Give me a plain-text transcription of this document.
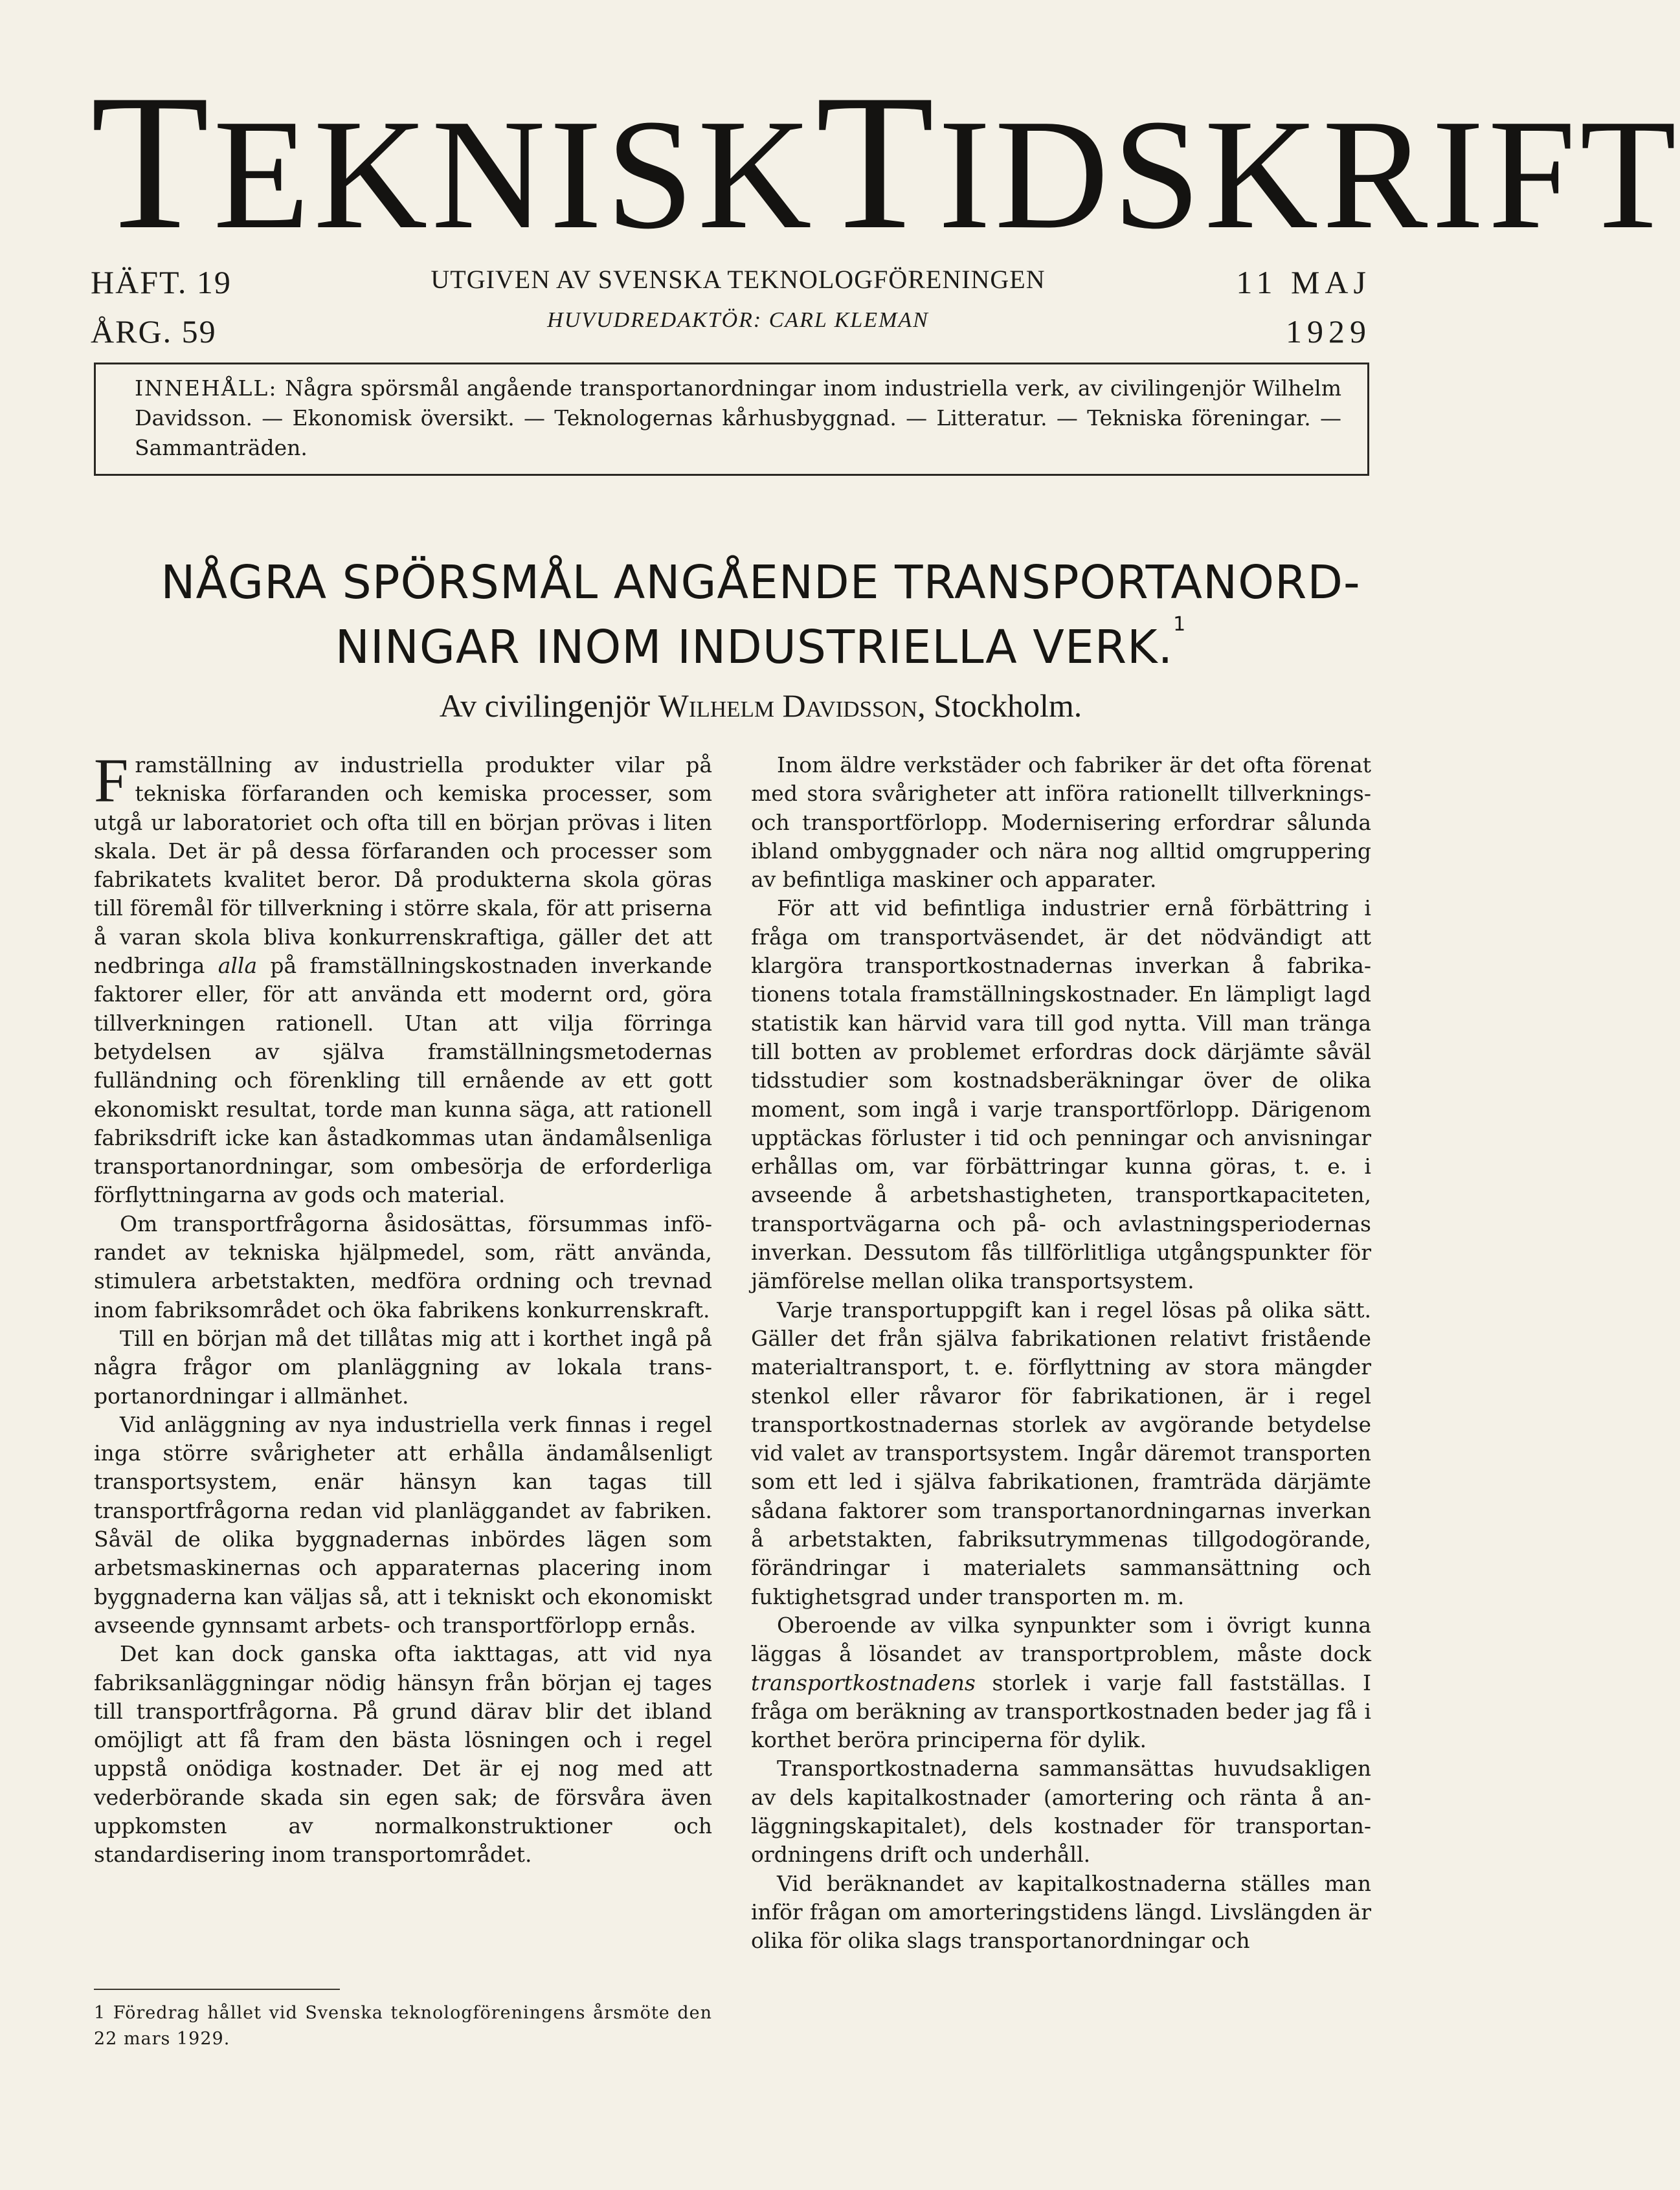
TEKNISKTIDSKRIFT
HÄFT. 19
ÅRG. 59
UTGIVEN AV SVENSKA TEKNOLOGFÖRENINGEN
HUVUDREDAKTÖR: CARL KLEMAN
11 MAJ
1929
INNEHÅLL: Några spörsmål angående transportanordningar inom industriella verk, av civilingenjör Wilhelm Davidsson. — Ekonomisk översikt. — Teknologernas kårhusbyggnad. — Litteratur. — Tekniska föreningar. — Sammanträden.
NÅGRA SPÖRSMÅL ANGÅENDE TRANSPORTANORD-
NINGAR INOM INDUSTRIELLA VERK.$^1$
Av civilingenjör Wilhelm Davidsson, Stockholm.

Framställning av industriella produkter vilar på tekniska förfaranden och kemiska processer, som utgå ur laboratoriet och ofta till en början prövas i liten skala. Det är på dessa förfaranden och processer som fabrikatets kvalitet beror. Då produkterna skola göras till föremål för tillverkning i större skala, för att priserna å varan skola bliva konkurrenskraftiga, gäller det att nedbringa alla på framställningskostnaden inverkande faktorer eller, för att använda ett modernt ord, göra tillverkningen rationell. Utan att vilja förringa betydelsen av själva framställningsmetodernas fulländning och förenkling till ernående av ett gott ekonomiskt resultat, torde man kunna säga, att rationell fabriksdrift icke kan åstadkommas utan ändamålsenliga transportanordningar, som ombesörja de erforderliga förflyttningarna av gods och material.

Om transportfrågorna åsidosättas, försummas införandet av tekniska hjälpmedel, som, rätt använda, stimulera arbetstakten, medföra ordning och trevnad inom fabriksområdet och öka fabrikens konkurrenskraft.

Till en början må det tillåtas mig att i korthet ingå på några frågor om planläggning av lokala transportanordningar i allmänhet.

Vid anläggning av nya industriella verk finnas i regel inga större svårigheter att erhålla ändamålsenligt transportsystem, enär hänsyn kan tagas till transportfrågorna redan vid planläggandet av fabriken. Såväl de olika byggnadernas inbördes lägen som arbetsmaskinernas och apparaternas placering inom byggnaderna kan väljas så, att i tekniskt och ekonomiskt avseende gynnsamt arbets- och transportförlopp ernås.

Det kan dock ganska ofta iakttagas, att vid nya fabriksanläggningar nödig hänsyn från början ej tages till transportfrågorna. På grund därav blir det ibland omöjligt att få fram den bästa lösningen och i regel uppstå onödiga kostnader. Det är ej nog med att vederbörande skada sin egen sak; de försvåra även uppkomsten av normalkonstruktioner och standardisering inom transportområdet.

1 Föredrag hållet vid Svenska teknologföreningens årsmöte den 22 mars 1929.

Inom äldre verkstäder och fabriker är det ofta förenat med stora svårigheter att införa rationellt tillverknings- och transportförlopp. Modernisering erfordrar sålunda ibland ombyggnader och nära nog alltid omgruppering av befintliga maskiner och apparater.

För att vid befintliga industrier ernå förbättring i fråga om transportväsendet, är det nödvändigt att klargöra transportkostnadernas inverkan å fabrikationens totala framställningskostnader. En lämpligt lagd statistik kan härvid vara till god nytta. Vill man tränga till botten av problemet erfordras dock därjämte såväl tidsstudier som kostnadsberäkningar över de olika moment, som ingå i varje transportförlopp. Därigenom upptäckas förluster i tid och penningar och anvisningar erhållas om, var förbättringar kunna göras, t. e. i avseende å arbetshastigheten, transportkapaciteten, transportvägarna och på- och avlastningsperiodernas inverkan. Dessutom fås tillförlitliga utgångspunkter för jämförelse mellan olika transportsystem.

Varje transportuppgift kan i regel lösas på olika sätt. Gäller det från själva fabrikationen relativt fristående materialtransport, t. e. förflyttning av stora mängder stenkol eller råvaror för fabrikationen, är i regel transportkostnadernas storlek av avgörande betydelse vid valet av transportsystem. Ingår däremot transporten som ett led i själva fabrikationen, framträda därjämte sådana faktorer som transportanordningarnas inverkan å arbetstakten, fabriksutrymmenas tillgodogörande, förändringar i materialets sammansättning och fuktighetsgrad under transporten m. m.

Oberoende av vilka synpunkter som i övrigt kunna läggas å lösandet av transportproblem, måste dock transportkostnadens storlek i varje fall fastställas. I fråga om beräkning av transportkostnaden beder jag få i korthet beröra principerna för dylik.

Transportkostnaderna sammansättas huvudsakligen av dels kapitalkostnader (amortering och ränta å anläggningskapitalet), dels kostnader för transportanordningens drift och underhåll.

Vid beräknandet av kapitalkostnaderna ställes man inför frågan om amorteringstidens längd. Livslängden är olika för olika slags transportanordningar och
